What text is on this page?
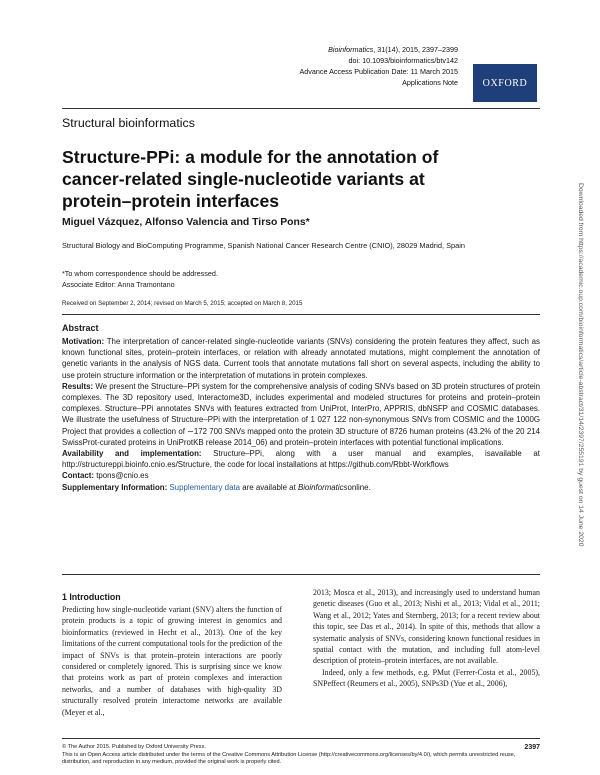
Bioinformatics, 31(14), 2015, 2397–2399
doi: 10.1093/bioinformatics/btv142
Advance Access Publication Date: 11 March 2015
Applications Note	OXFORD
Structural bioinformatics
Structure-PPi: a module for the annotation of cancer-related single-nucleotide variants at protein–protein interfaces
Miguel Vázquez, Alfonso Valencia and Tirso Pons*
Structural Biology and BioComputing Programme, Spanish National Cancer Research Centre (CNIO), 28029 Madrid, Spain
*To whom correspondence should be addressed.
Associate Editor: Anna Tramontano
Received on September 2, 2014; revised on March 5, 2015; accepted on March 8, 2015
Abstract

Motivation: The interpretation of cancer-related single-nucleotide variants (SNVs) considering the protein features they affect, such as known functional sites, protein–protein interfaces, or relation with already annotated mutations, might complement the annotation of genetic variants in the analysis of NGS data. Current tools that annotate mutations fall short on several aspects, including the ability to use protein structure information or the interpretation of mutations in protein complexes.

Results: We present the Structure–PPi system for the comprehensive analysis of coding SNVs based on 3D protein structures of protein complexes. The 3D repository used, Interactome3D, includes experimental and modeled structures for proteins and protein–protein complexes. Structure–PPi annotates SNVs with features extracted from UniProt, InterPro, APPRIS, dbNSFP and COSMIC databases. We illustrate the usefulness of Structure–PPi with the interpretation of 1 027 122 non-synonymous SNVs from COSMIC and the 1000G Project that provides a collection of ∼172 700 SNVs mapped onto the protein 3D structure of 8726 human proteins (43.2% of the 20 214 SwissProt-curated proteins in UniProtKB release 2014_06) and protein–protein interfaces with potential functional implications.

Availability and implementation: Structure–PPi, along with a user manual and examples, isavailable at http://structureppi.bioinfo.cnio.es/Structure, the code for local installations at https://github.com/Rbbt-Workflows

Contact: tpons@cnio.es

Supplementary Information: Supplementary data are available at Bioinformaticsonline.

1 Introduction

Predicting how single-nucleotide variant (SNV) alters the function of protein products is a topic of growing interest in genomics and bioinformatics (reviewed in Hecht et al., 2013). One of the key limitations of the current computational tools for the prediction of the impact of SNVs is that protein–protein interactions are poorly considered or completely ignored. This is surprising since we know that proteins work as part of protein complexes and interaction networks, and a number of databases with high-quality 3D structurally resolved protein interactome networks are available (Meyer et al.,

2013; Mosca et al., 2013), and increasingly used to understand human genetic diseases (Guo et al., 2013; Nishi et al., 2013; Vidal et al., 2011; Wang et al., 2012; Yates and Sternberg, 2013; for a recent review about this topic, see Das et al., 2014). In spite of this, methods that allow a systematic analysis of SNVs, considering known functional residues in spatial contact with the mutation, and including full atom-level description of protein–protein interfaces, are not available.

Indeed, only a few methods, e.g. PMut (Ferrer-Costa et al., 2005), SNPeffect (Reumers et al., 2005), SNPs3D (Yue et al., 2006),

© The Author 2015. Published by Oxford University Press.
This is an Open Access article distributed under the terms of the Creative Commons Attribution License (http://creativecommons.org/licenses/by/4.0/), which permits unrestricted reuse, distribution, and reproduction in any medium, provided the original work is properly cited.
2397
Downloaded from https://academic.oup.com/bioinformatics/article-abstract/31/14/2397/255191 by guest on 14 June 2020
